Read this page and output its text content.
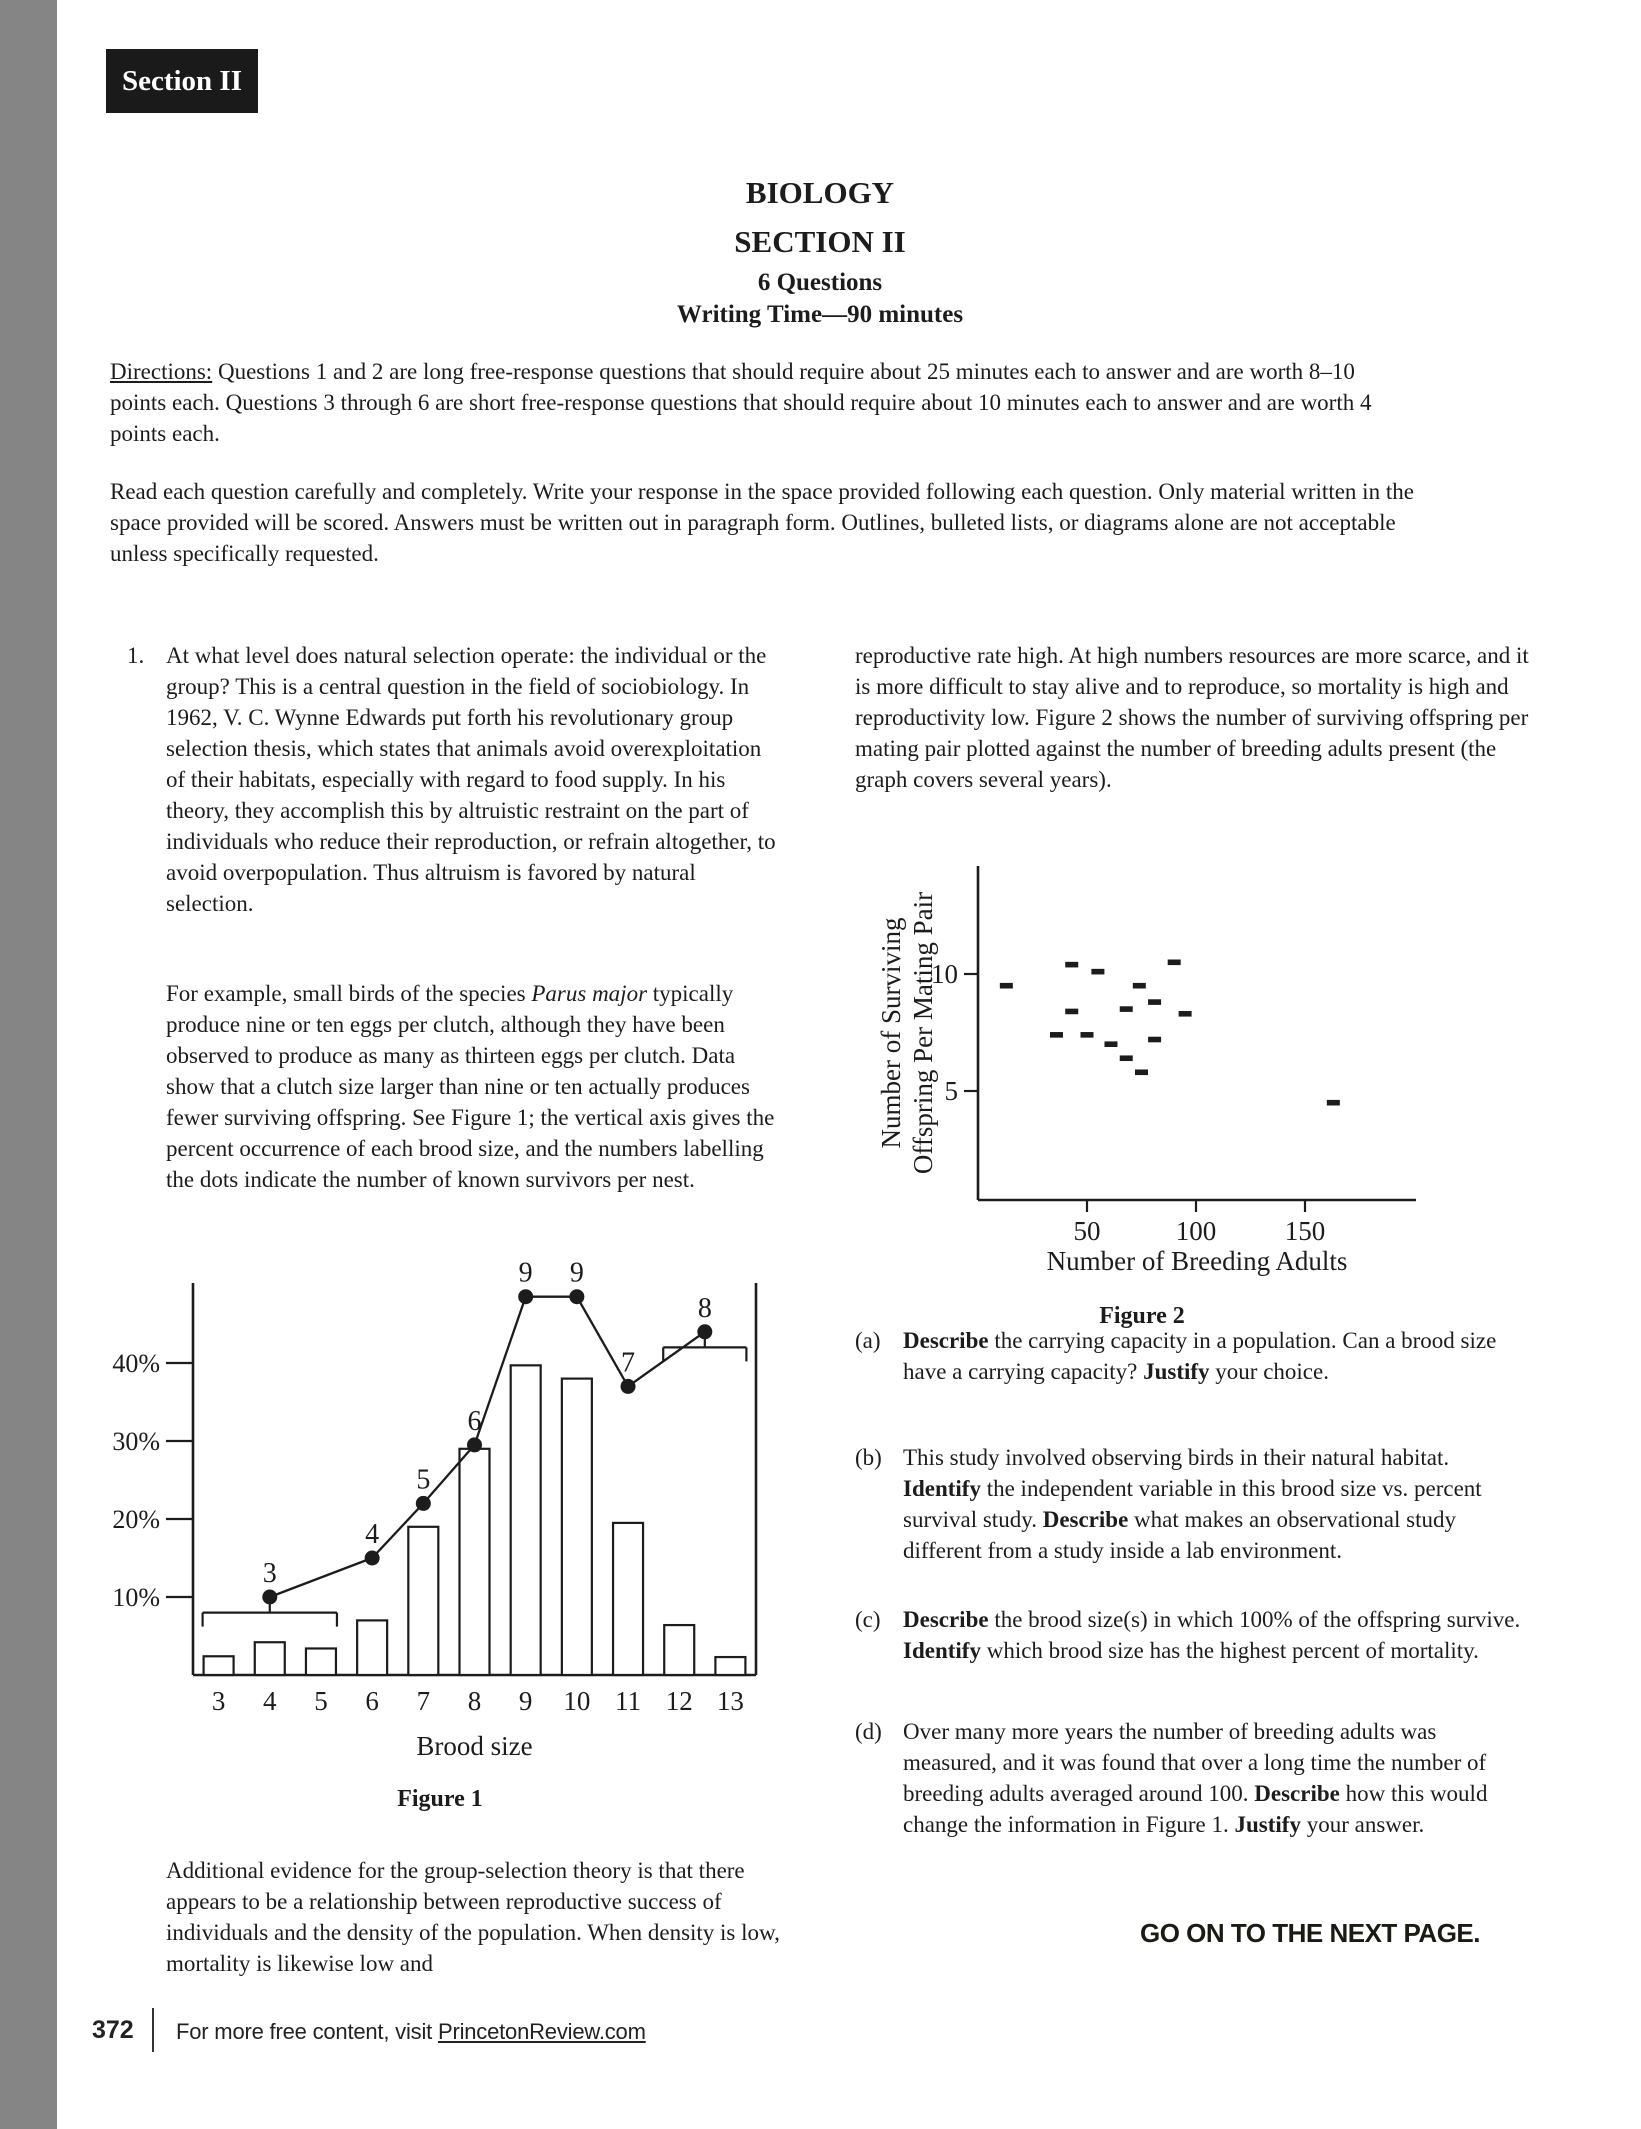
Section II
BIOLOGY
SECTION II
6 Questions
Writing Time—90 minutes
Directions: Questions 1 and 2 are long free-response questions that should require about 25 minutes each to answer and are worth 8–10 points each. Questions 3 through 6 are short free-response questions that should require about 10 minutes each to answer and are worth 4 points each.
Read each question carefully and completely. Write your response in the space provided following each question. Only material written in the space provided will be scored. Answers must be written out in paragraph form. Outlines, bulleted lists, or diagrams alone are not acceptable unless specifically requested.
1. At what level does natural selection operate: the individual or the group? This is a central question in the field of sociobiology. In 1962, V. C. Wynne Edwards put forth his revolutionary group selection thesis, which states that animals avoid overexploitation of their habitats, especially with regard to food supply. In his theory, they accomplish this by altruistic restraint on the part of individuals who reduce their reproduction, or refrain altogether, to avoid overpopulation. Thus altruism is favored by natural selection.
For example, small birds of the species Parus major typically produce nine or ten eggs per clutch, although they have been observed to produce as many as thirteen eggs per clutch. Data show that a clutch size larger than nine or ten actually produces fewer surviving offspring. See Figure 1; the vertical axis gives the percent occurrence of each brood size, and the numbers labelling the dots indicate the number of known survivors per nest.
Additional evidence for the group-selection theory is that there appears to be a relationship between reproductive success of individuals and the density of the population. When density is low, mortality is likewise low and
10%
20%
30%
40%
3 4 5 6 7 8 9 10 11 12 13
Brood size
3
4
5
6
9 9
7
8
Figure 1
reproductive rate high. At high numbers resources are more scarce, and it is more difficult to stay alive and to reproduce, so mortality is high and reproductivity low. Figure 2 shows the number of surviving offspring per mating pair plotted against the number of breeding adults present (the graph covers several years).
50	100	150
5
10
Number of Breeding Adults
Number of Surviving Offspring Per Mating Pair
Figure 2
(a) Describe the carrying capacity in a population. Can a brood size have a carrying capacity? Justify your choice.
(b) This study involved observing birds in their natural habitat. Identify the independent variable in this brood size vs. percent survival study. Describe what makes an observational study different from a study inside a lab environment.
(c) Describe the brood size(s) in which 100% of the offspring survive. Identify which brood size has the highest percent of mortality.
(d) Over many more years the number of breeding adults was measured, and it was found that over a long time the number of breeding adults averaged around 100. Describe how this would change the information in Figure 1. Justify your answer.
GO ON TO THE NEXT PAGE.
372 For more free content, visit PrincetonReview.com
